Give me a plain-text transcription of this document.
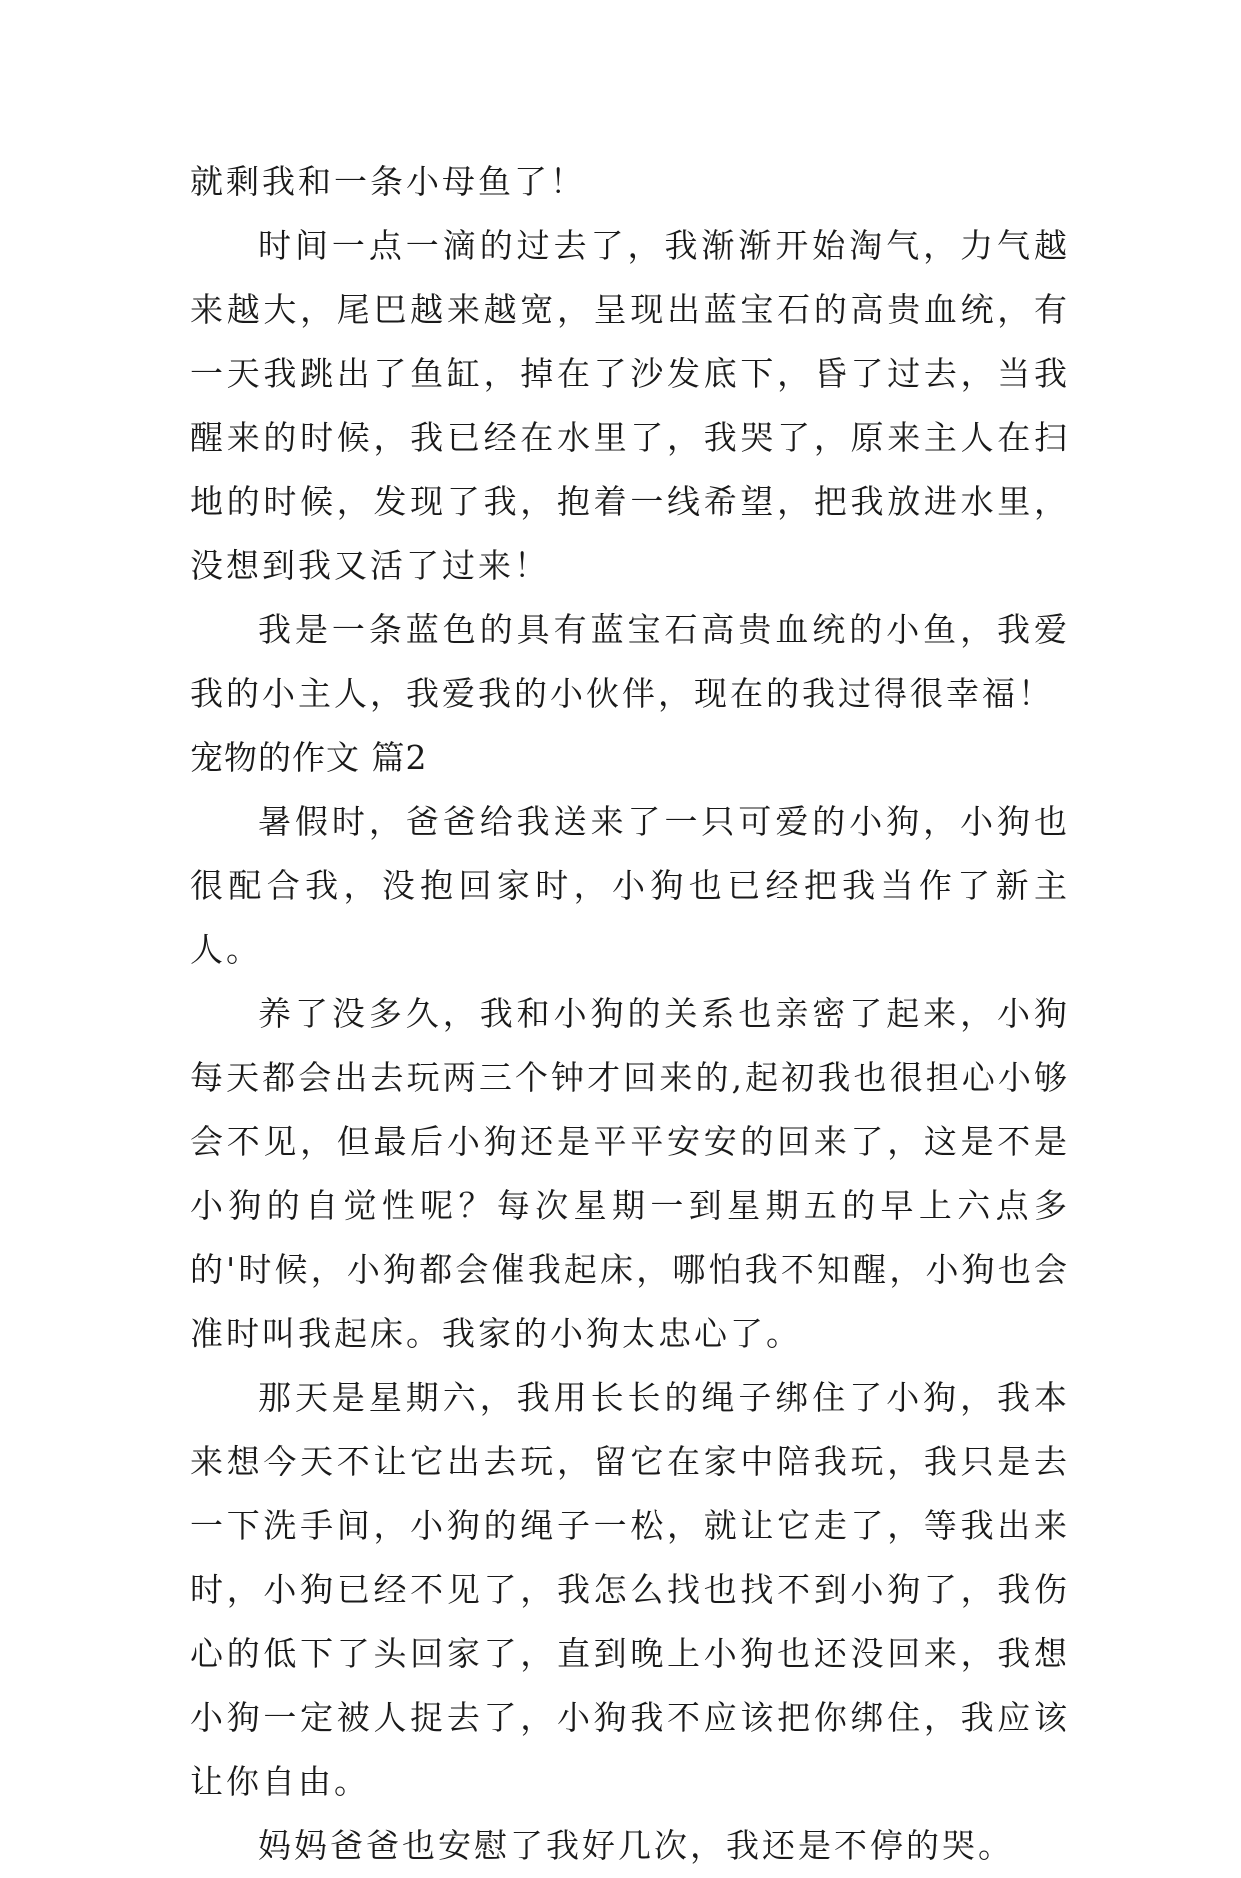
就剩我和一条小母鱼了！

时间一点一滴的过去了，我渐渐开始淘气，力气越来越大，尾巴越来越宽，呈现出蓝宝石的高贵血统，有一天我跳出了鱼缸，掉在了沙发底下，昏了过去，当我醒来的时候，我已经在水里了，我哭了，原来主人在扫地的时候，发现了我，抱着一线希望，把我放进水里，没想到我又活了过来！

我是一条蓝色的具有蓝宝石高贵血统的小鱼，我爱我的小主人，我爱我的小伙伴，现在的我过得很幸福！

宠物的作文 篇2

暑假时，爸爸给我送来了一只可爱的小狗，小狗也很配合我，没抱回家时，小狗也已经把我当作了新主人。

养了没多久，我和小狗的关系也亲密了起来，小狗每天都会出去玩两三个钟才回来的,起初我也很担心小够会不见，但最后小狗还是平平安安的回来了，这是不是小狗的自觉性呢？每次星期一到星期五的早上六点多的'时候，小狗都会催我起床，哪怕我不知醒，小狗也会准时叫我起床。我家的小狗太忠心了。

那天是星期六，我用长长的绳子绑住了小狗，我本来想今天不让它出去玩，留它在家中陪我玩，我只是去一下洗手间，小狗的绳子一松，就让它走了，等我出来时，小狗已经不见了，我怎么找也找不到小狗了，我伤心的低下了头回家了，直到晚上小狗也还没回来，我想小狗一定被人捉去了，小狗我不应该把你绑住，我应该让你自由。

妈妈爸爸也安慰了我好几次，我还是不停的哭。
